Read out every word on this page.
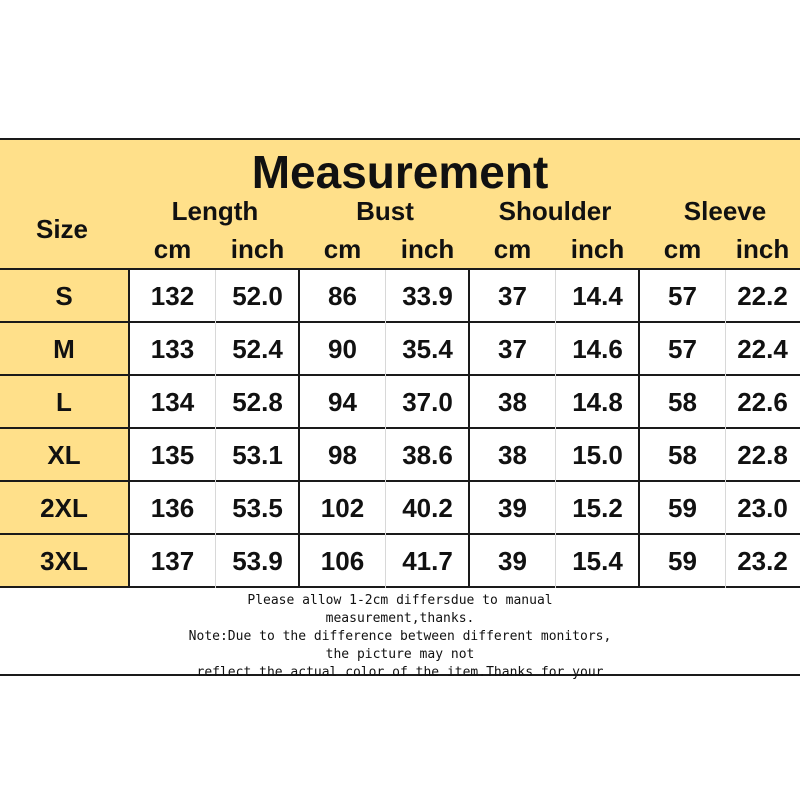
Measurement
Size
Length	Bust	Shoulder	Sleeve
cm	inch	cm	inch	cm	inch	cm	inch
S	132	52.0	86	33.9	37	14.4	57	22.2
M	133	52.4	90	35.4	37	14.6	57	22.4
L	134	52.8	94	37.0	38	14.8	58	22.6
XL	135	53.1	98	38.6	38	15.0	58	22.8
2XL	136	53.5	102	40.2	39	15.2	59	23.0
3XL	137	53.9	106	41.7	39	15.4	59	23.2
Please allow 1-2cm differsdue to manual
measurement,thanks.
Note:Due to the difference between different monitors,
the picture may not
reflect the actual color of the item.Thanks for your
